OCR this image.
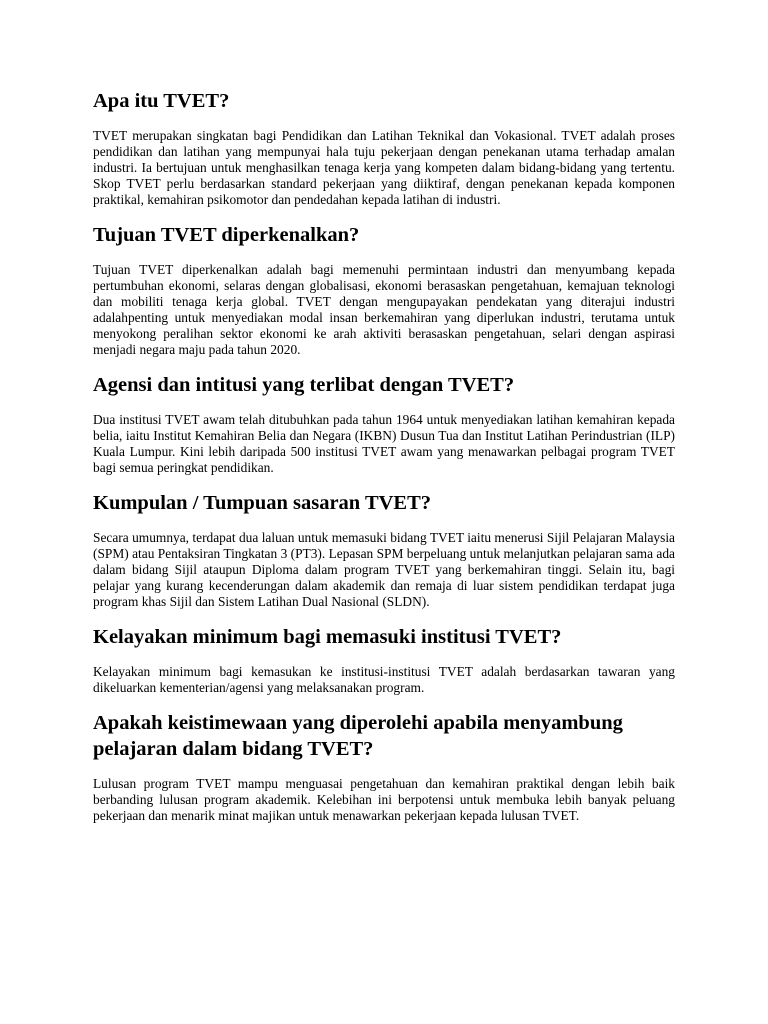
Apa itu TVET?

TVET merupakan singkatan bagi Pendidikan dan Latihan Teknikal dan Vokasional. TVET adalah proses pendidikan dan latihan yang mempunyai hala tuju pekerjaan dengan penekanan utama terhadap amalan industri. Ia bertujuan untuk menghasilkan tenaga kerja yang kompeten dalam bidang-bidang yang tertentu. Skop TVET perlu berdasarkan standard pekerjaan yang diiktiraf, dengan penekanan kepada komponen praktikal, kemahiran psikomotor dan pendedahan kepada latihan di industri.

Tujuan TVET diperkenalkan?

Tujuan TVET diperkenalkan adalah bagi memenuhi permintaan industri dan menyumbang kepada pertumbuhan ekonomi, selaras dengan globalisasi, ekonomi berasaskan pengetahuan, kemajuan teknologi dan mobiliti tenaga kerja global. TVET dengan mengupayakan pendekatan yang diterajui industri adalahpenting untuk menyediakan modal insan berkemahiran yang diperlukan industri, terutama untuk menyokong peralihan sektor ekonomi ke arah aktiviti berasaskan pengetahuan, selari dengan aspirasi menjadi negara maju pada tahun 2020.

Agensi dan intitusi yang terlibat dengan TVET?

Dua institusi TVET awam telah ditubuhkan pada tahun 1964 untuk menyediakan latihan kemahiran kepada belia, iaitu Institut Kemahiran Belia dan Negara (IKBN) Dusun Tua dan Institut Latihan Perindustrian (ILP) Kuala Lumpur. Kini lebih daripada 500 institusi TVET awam yang menawarkan pelbagai program TVET bagi semua peringkat pendidikan.

Kumpulan / Tumpuan sasaran TVET?

Secara umumnya, terdapat dua laluan untuk memasuki bidang TVET iaitu menerusi Sijil Pelajaran Malaysia (SPM) atau Pentaksiran Tingkatan 3 (PT3). Lepasan SPM berpeluang untuk melanjutkan pelajaran sama ada dalam bidang Sijil ataupun Diploma dalam program TVET yang berkemahiran tinggi. Selain itu, bagi pelajar yang kurang kecenderungan dalam akademik dan remaja di luar sistem pendidikan terdapat juga program khas Sijil dan Sistem Latihan Dual Nasional (SLDN).

Kelayakan minimum bagi memasuki institusi TVET?

Kelayakan minimum bagi kemasukan ke institusi-institusi TVET adalah berdasarkan tawaran yang dikeluarkan kementerian/agensi yang melaksanakan program.

Apakah keistimewaan yang diperolehi apabila menyambung pelajaran dalam bidang TVET?

Lulusan program TVET mampu menguasai pengetahuan dan kemahiran praktikal dengan lebih baik berbanding lulusan program akademik. Kelebihan ini berpotensi untuk membuka lebih banyak peluang pekerjaan dan menarik minat majikan untuk menawarkan pekerjaan kepada lulusan TVET.
